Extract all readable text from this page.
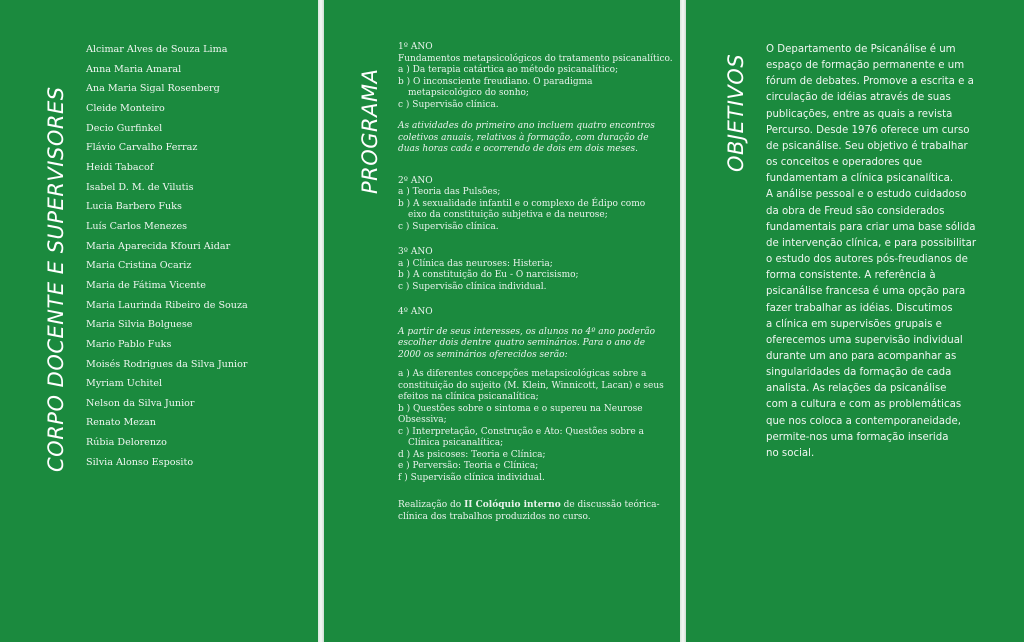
CORPO DOCENTE E SUPERVISORES
Alcimar Alves de Souza Lima
Anna Maria Amaral
Ana Maria Sigal Rosenberg
Cleide Monteiro
Decio Gurfinkel
Flávio Carvalho Ferraz
Heidi Tabacof
Isabel D. M. de Vilutis
Lucia Barbero Fuks
Luís Carlos Menezes
Maria Aparecida Kfouri Aidar
Maria Cristina Ocariz
Maria de Fátima Vicente
Maria Laurinda Ribeiro de Souza
Maria Silvia Bolguese
Mario Pablo Fuks
Moisés Rodrigues da Silva Junior
Myriam Uchitel
Nelson da Silva Junior
Renato Mezan
Rúbia Delorenzo
Silvia Alonso Esposito
PROGRAMA

1º ANO

Fundamentos metapsicológicos do tratamento psicanalítico.

a ) Da terapia catártica ao método psicanalítico;

b ) O inconsciente freudiano. O paradigma

metapsicológico do sonho;

c ) Supervisão clínica.

As atividades do primeiro ano incluem quatro encontros

coletivos anuais, relativos à formação, com duração de

duas horas cada e ocorrendo de dois em dois meses.

2º ANO

a ) Teoria das Pulsões;

b ) A sexualidade infantil e o complexo de Édipo como

eixo da constituição subjetiva e da neurose;

c ) Supervisão clínica.

3º ANO

a ) Clínica das neuroses: Histeria;

b ) A constituição do Eu - O narcisismo;

c ) Supervisão clínica individual.

4º ANO

A partir de seus interesses, os alunos no 4º ano poderão

escolher dois dentre quatro seminários. Para o ano de

2000 os seminários oferecidos serão:

a ) As diferentes concepções metapsicológicas sobre a

constituição do sujeito (M. Klein, Winnicott, Lacan) e seus

efeitos na clínica psicanalítica;

b ) Questões sobre o sintoma e o supereu na Neurose

Obsessiva;

c ) Interpretação, Construção e Ato: Questões sobre a

Clínica psicanalítica;

d ) As psicoses: Teoria e Clínica;

e ) Perversão: Teoria e Clínica;

f ) Supervisão clínica individual.

Realização do II Colóquio interno de discussão teórica-

clínica dos trabalhos produzidos no curso.

OBJETIVOS
O Departamento de Psicanálise é um
espaço de formação permanente e um
fórum de debates. Promove a escrita e a
circulação de idéias através de suas
publicações, entre as quais a revista
Percurso. Desde 1976 oferece um curso
de psicanálise. Seu objetivo é trabalhar
os conceitos e operadores que
fundamentam a clínica psicanalítica.
A análise pessoal e o estudo cuidadoso
da obra de Freud são considerados
fundamentais para criar uma base sólida
de intervenção clínica, e para possibilitar
o estudo dos autores pós-freudianos de
forma consistente. A referência à
psicanálise francesa é uma opção para
fazer trabalhar as idéias. Discutimos
a clínica em supervisões grupais e
oferecemos uma supervisão individual
durante um ano para acompanhar as
singularidades da formação de cada
analista. As relações da psicanálise
com a cultura e com as problemáticas
que nos coloca a contemporaneidade,
permite-nos uma formação inserida
no social.
